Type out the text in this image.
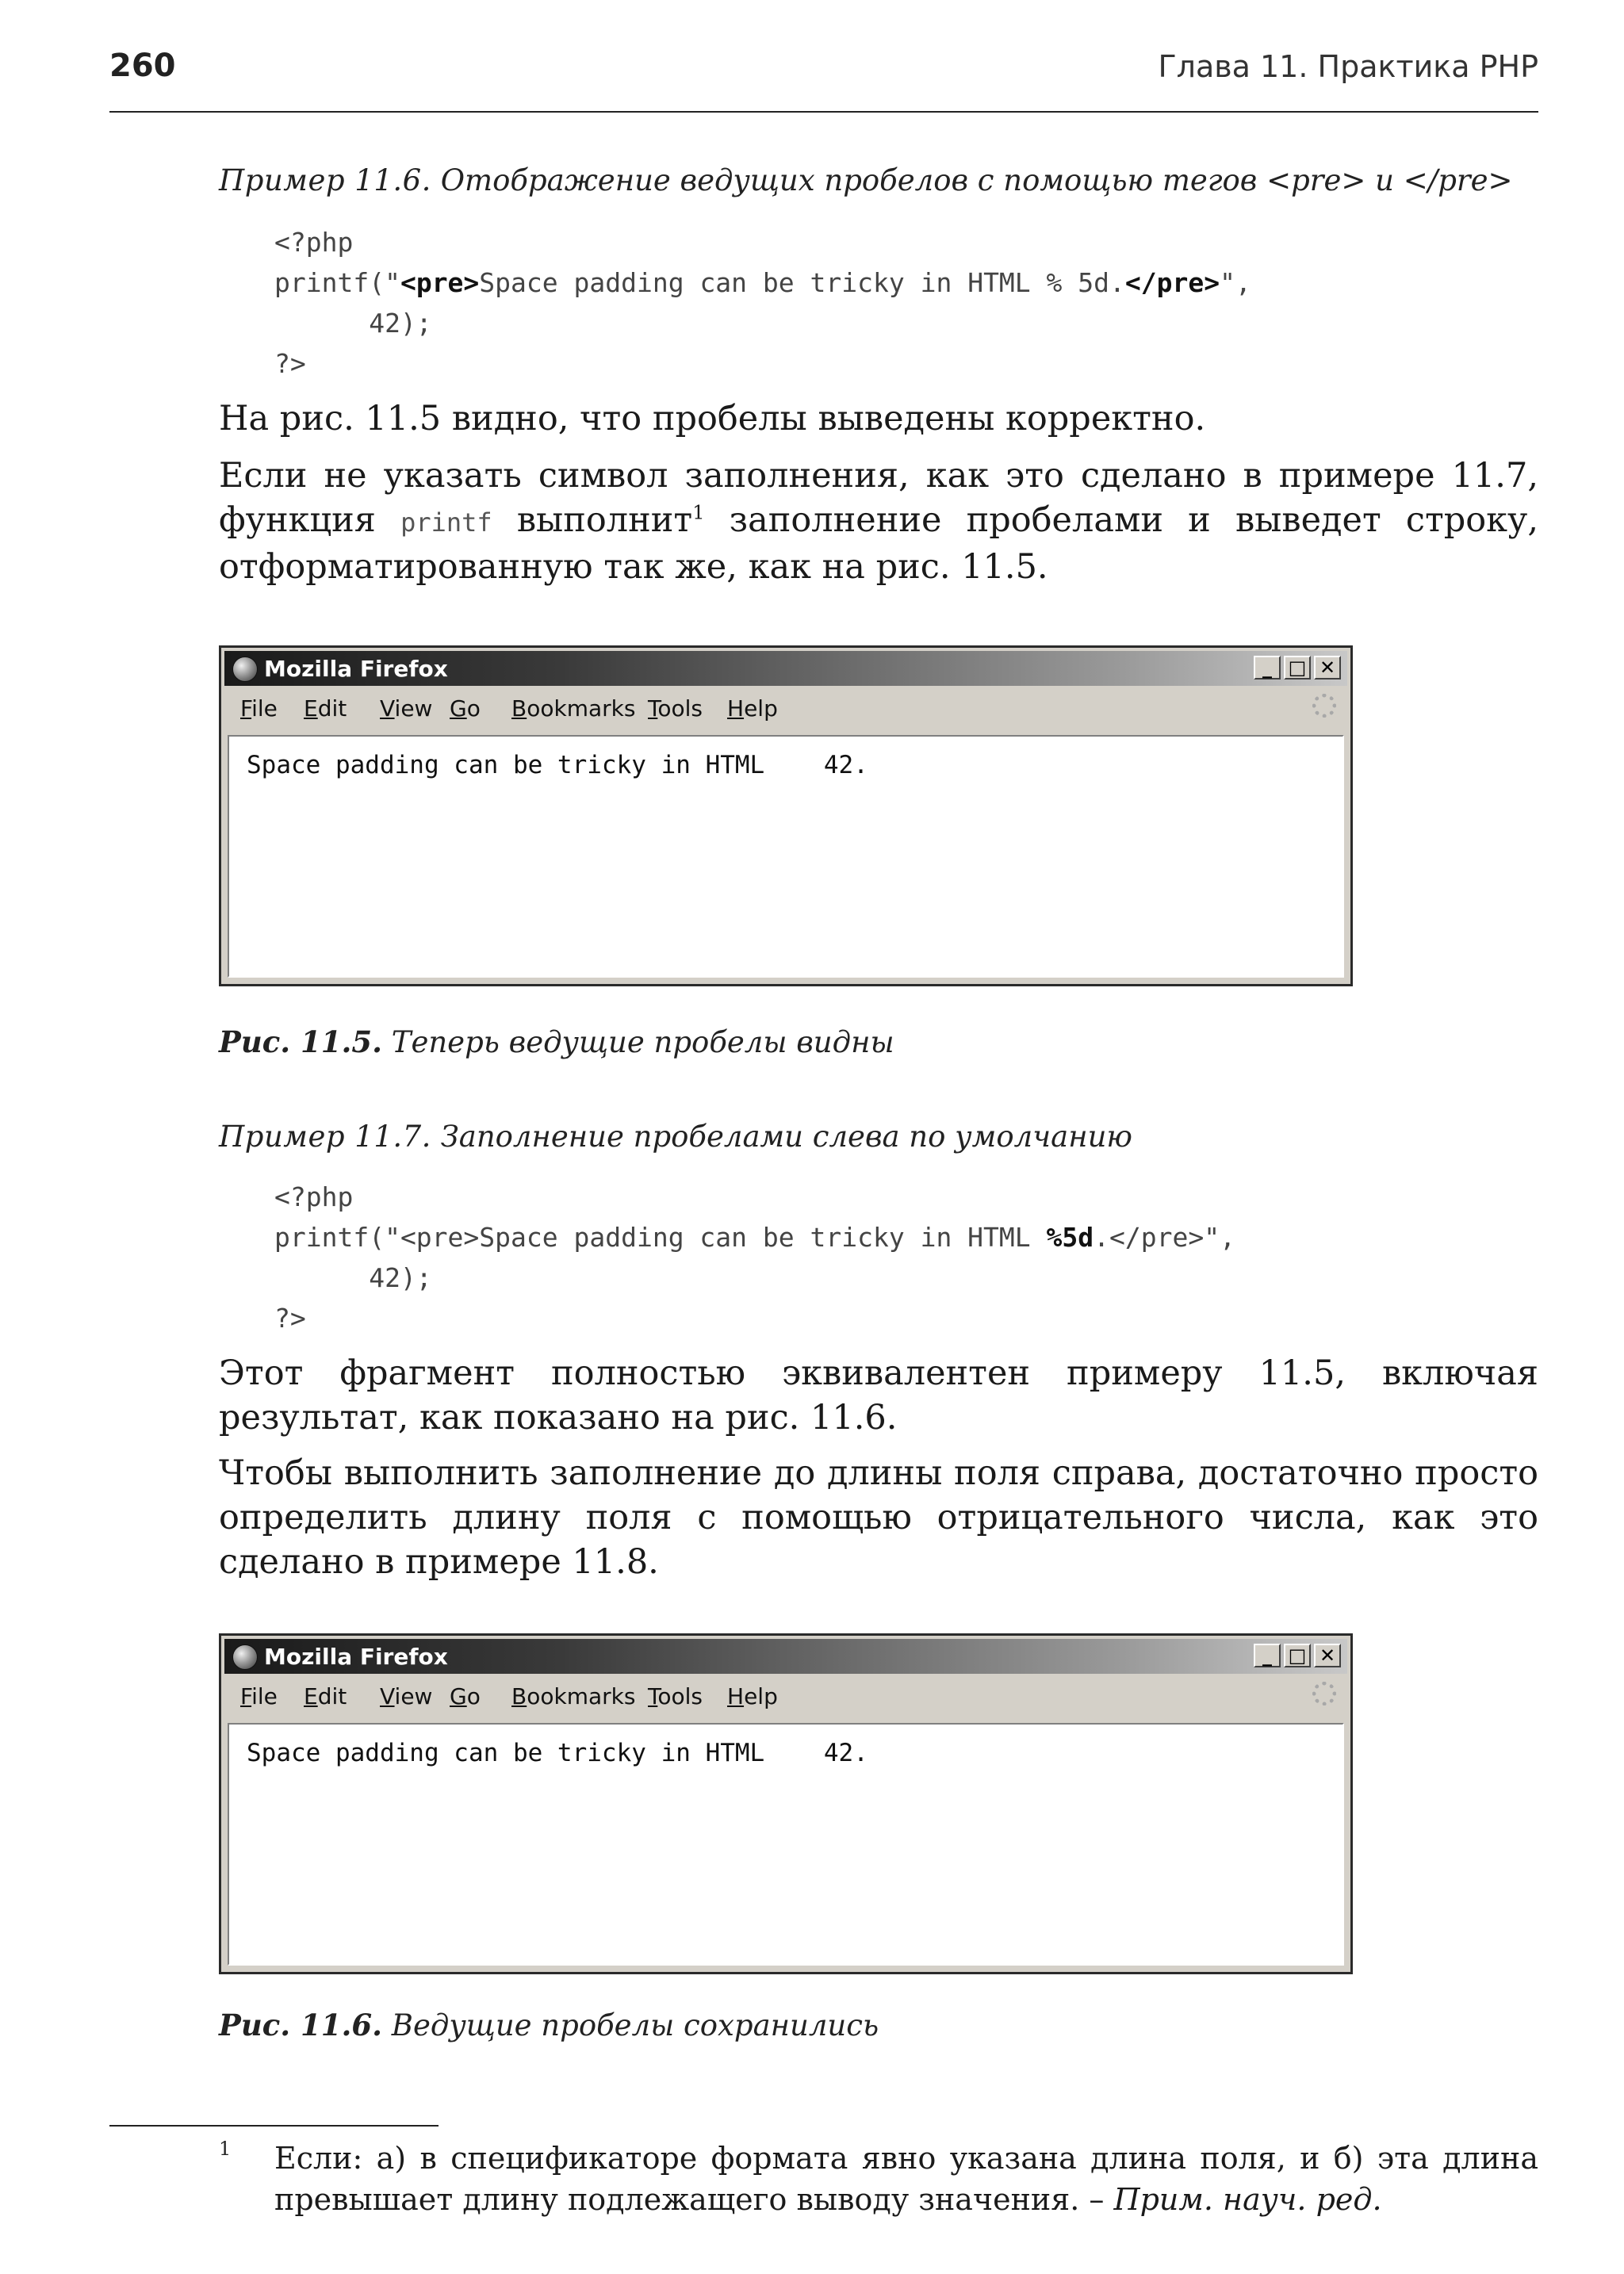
260	Глава 11. Практика PHP
Пример 11.6. Отображение ведущих пробелов с помощью тегов <pre> и </pre>
<?php
printf("<pre>Space padding can be tricky in HTML % 5d.</pre>",
42);
?>
На рис. 11.5 видно, что пробелы выведены корректно.
Если не указать символ заполнения, как это сделано в примере 11.7, функция printf выполнит$^1$ заполнение пробелами и выведет строку, отформатированную так же, как на рис. 11.5.
Mozilla Firefox	_ □ ✕
File Edit View Go Bookmarks Tools Help
Space padding can be tricky in HTML    42.
Рис. 11.5. Теперь ведущие пробелы видны
Пример 11.7. Заполнение пробелами слева по умолчанию
<?php
printf("<pre>Space padding can be tricky in HTML %5d.</pre>",
42);
?>
Этот фрагмент полностью эквивалентен примеру 11.5, включая результат, как показано на рис. 11.6.
Чтобы выполнить заполнение до длины поля справа, достаточно просто определить длину поля с помощью отрицательного числа, как это сделано в примере 11.8.
Mozilla Firefox	_ □ ✕
File Edit View Go Bookmarks Tools Help
Space padding can be tricky in HTML    42.
Рис. 11.6. Ведущие пробелы сохранились
1 Если: а) в спецификаторе формата явно указана длина поля, и б) эта длина превышает длину подлежащего выводу значения. – Прим. науч. ред.
